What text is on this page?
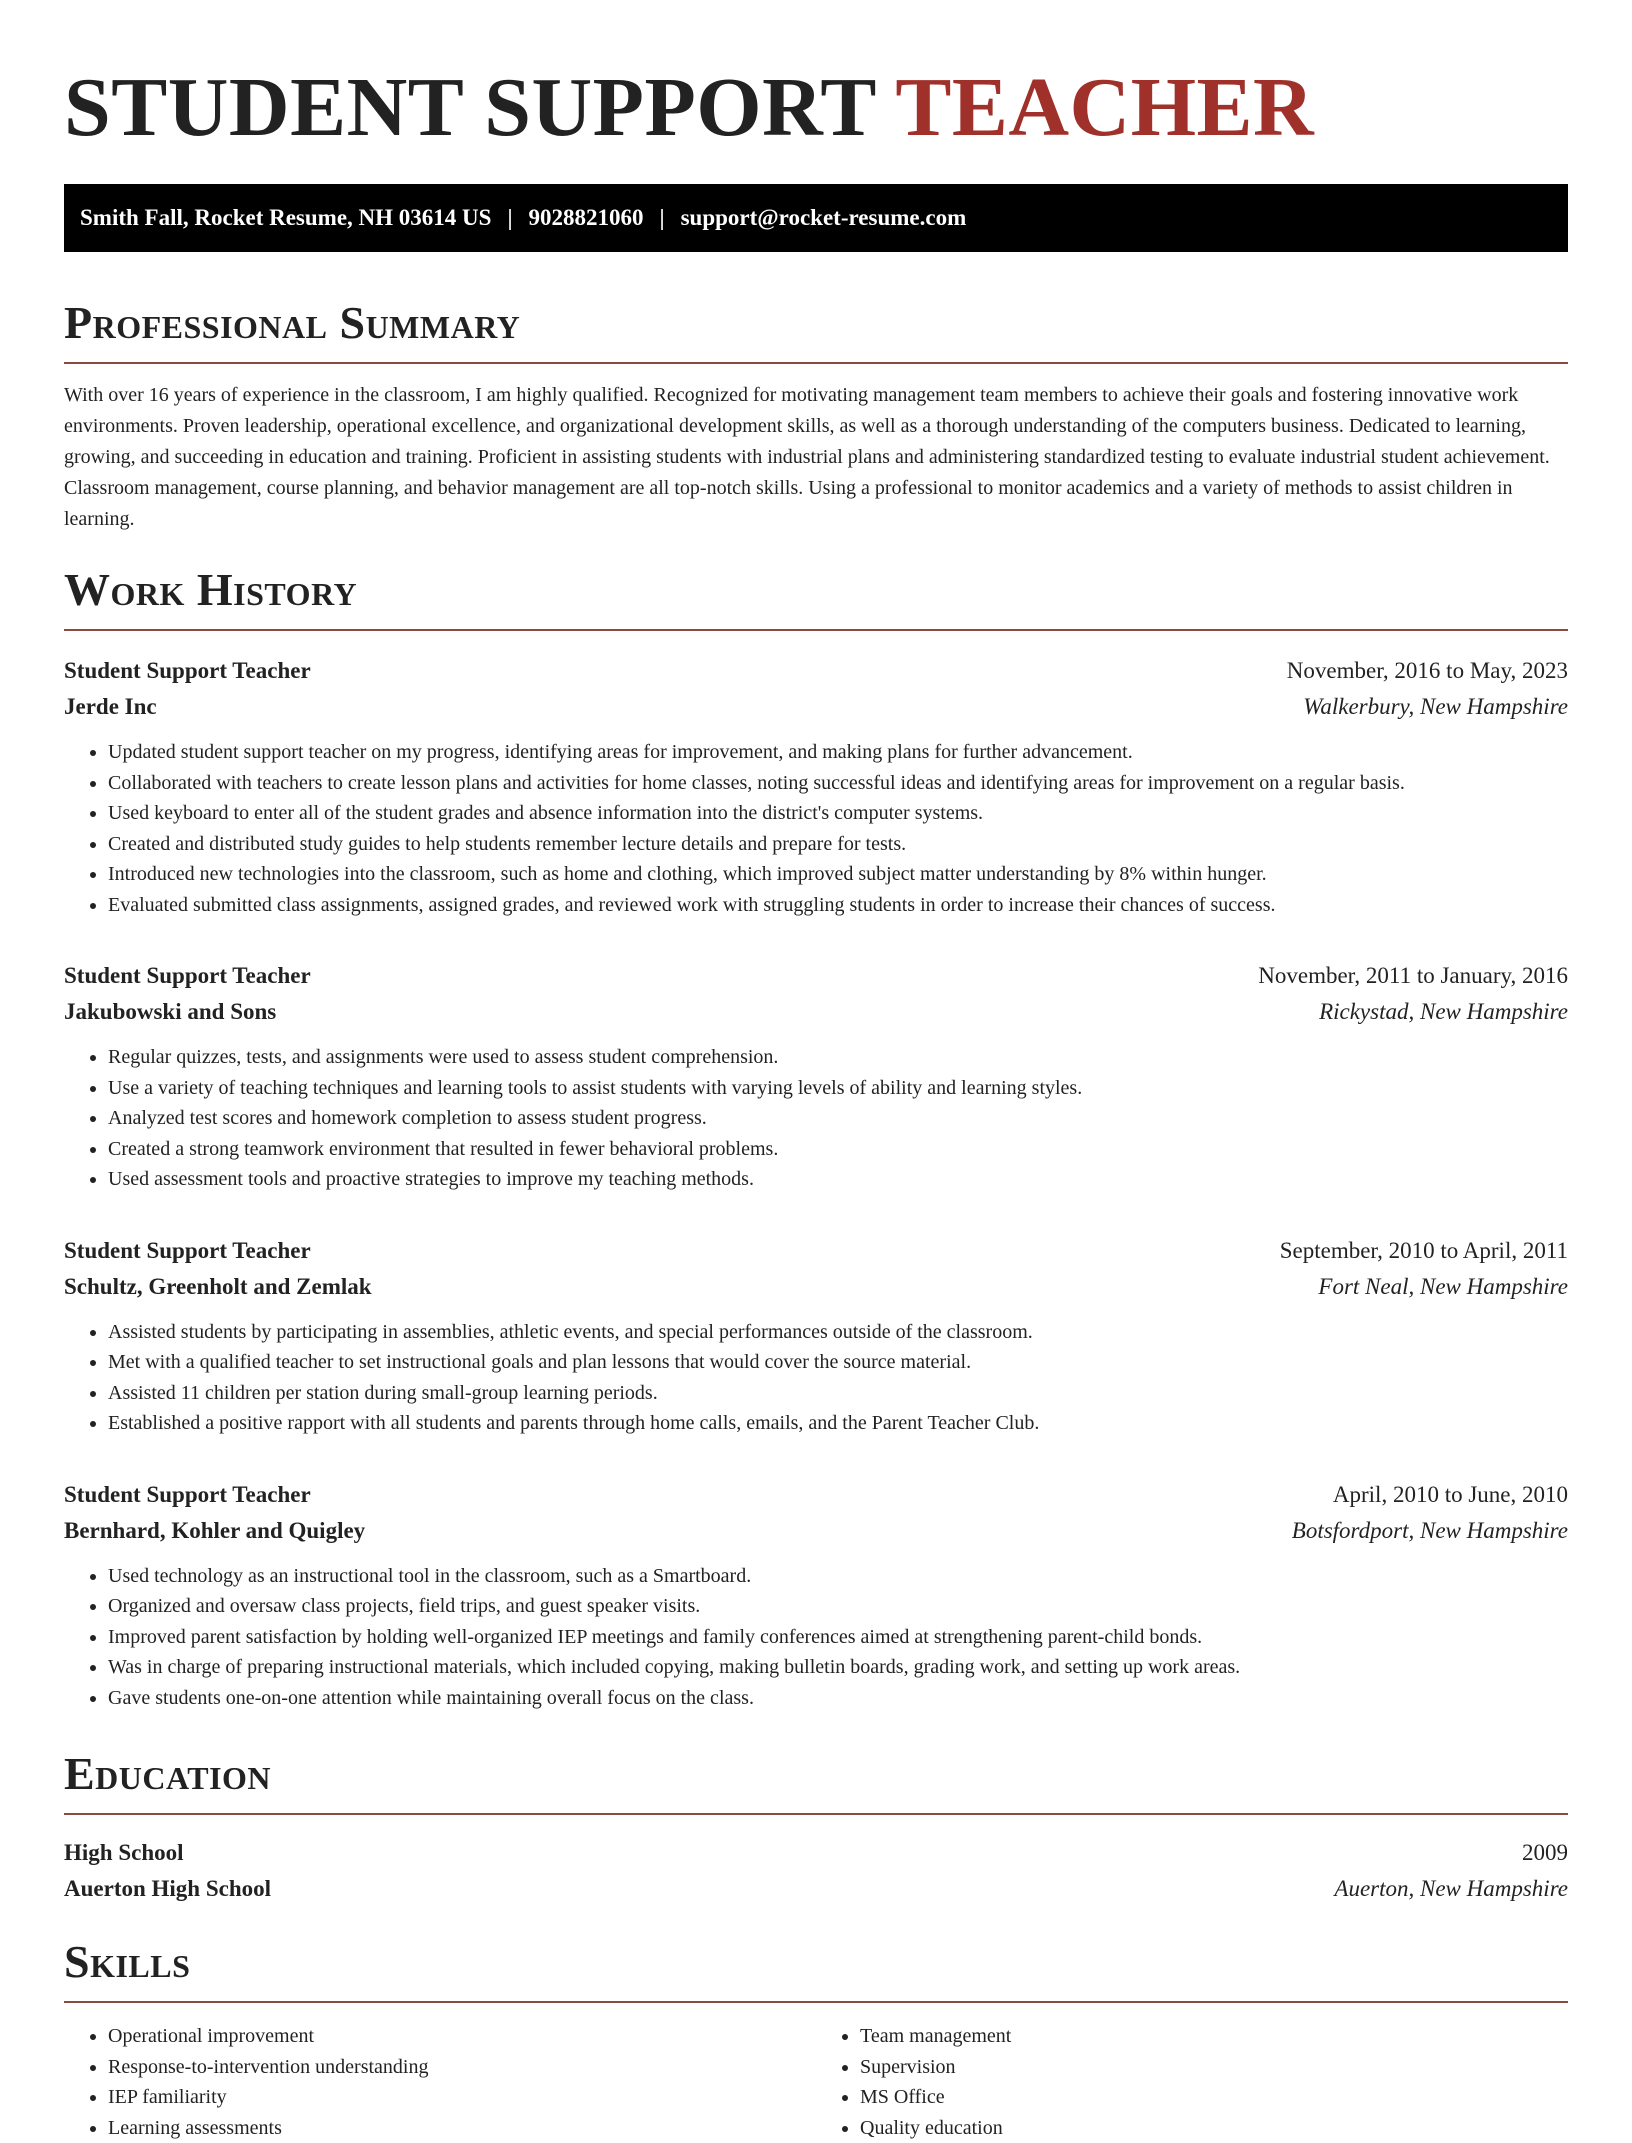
STUDENT SUPPORT TEACHER
Smith Fall, Rocket Resume, NH 03614 US | 9028821060 | support@rocket-resume.com
Professional Summary

With over 16 years of experience in the classroom, I am highly qualified. Recognized for motivating management team members to achieve their goals and fostering innovative work environments. Proven leadership, operational excellence, and organizational development skills, as well as a thorough understanding of the computers business. Dedicated to learning, growing, and succeeding in education and training. Proficient in assisting students with industrial plans and administering standardized testing to evaluate industrial student achievement. Classroom management, course planning, and behavior management are all top-notch skills. Using a professional to monitor academics and a variety of methods to assist children in learning.

Work History
Student Support Teacher	November, 2016 to May, 2023
Jerde Inc	Walkerbury, New Hampshire
• Updated student support teacher on my progress, identifying areas for improvement, and making plans for further advancement.
• Collaborated with teachers to create lesson plans and activities for home classes, noting successful ideas and identifying areas for improvement on a regular basis.
• Used keyboard to enter all of the student grades and absence information into the district's computer systems.
• Created and distributed study guides to help students remember lecture details and prepare for tests.
• Introduced new technologies into the classroom, such as home and clothing, which improved subject matter understanding by 8% within hunger.
• Evaluated submitted class assignments, assigned grades, and reviewed work with struggling students in order to increase their chances of success.
Student Support Teacher	November, 2011 to January, 2016
Jakubowski and Sons	Rickystad, New Hampshire
• Regular quizzes, tests, and assignments were used to assess student comprehension.
• Use a variety of teaching techniques and learning tools to assist students with varying levels of ability and learning styles.
• Analyzed test scores and homework completion to assess student progress.
• Created a strong teamwork environment that resulted in fewer behavioral problems.
• Used assessment tools and proactive strategies to improve my teaching methods.
Student Support Teacher	September, 2010 to April, 2011
Schultz, Greenholt and Zemlak	Fort Neal, New Hampshire
• Assisted students by participating in assemblies, athletic events, and special performances outside of the classroom.
• Met with a qualified teacher to set instructional goals and plan lessons that would cover the source material.
• Assisted 11 children per station during small-group learning periods.
• Established a positive rapport with all students and parents through home calls, emails, and the Parent Teacher Club.
Student Support Teacher	April, 2010 to June, 2010
Bernhard, Kohler and Quigley	Botsfordport, New Hampshire
• Used technology as an instructional tool in the classroom, such as a Smartboard.
• Organized and oversaw class projects, field trips, and guest speaker visits.
• Improved parent satisfaction by holding well-organized IEP meetings and family conferences aimed at strengthening parent-child bonds.
• Was in charge of preparing instructional materials, which included copying, making bulletin boards, grading work, and setting up work areas.
• Gave students one-on-one attention while maintaining overall focus on the class.
Education
High School	2009
Auerton High School	Auerton, New Hampshire
Skills
• Operational improvement
• Response-to-intervention understanding
• IEP familiarity
• Learning assessments
• Team management
• Supervision
• MS Office
• Quality education
